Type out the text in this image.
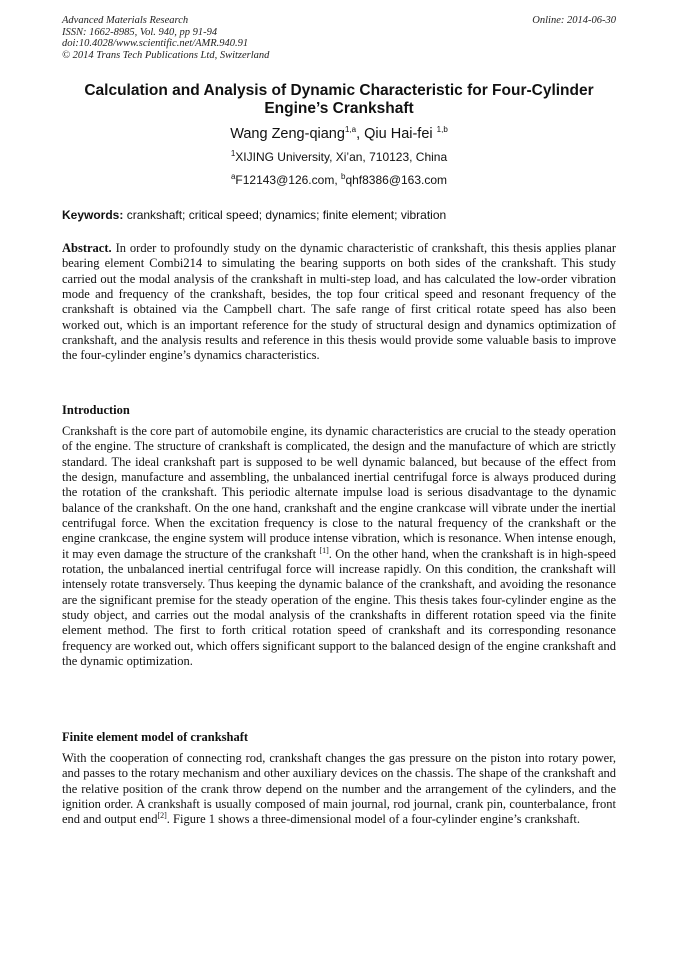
Advanced Materials Research
ISSN: 1662-8985, Vol. 940, pp 91-94
doi:10.4028/www.scientific.net/AMR.940.91
© 2014 Trans Tech Publications Ltd, Switzerland
Online: 2014-06-30
Calculation and Analysis of Dynamic Characteristic for Four-Cylinder Engine’s Crankshaft
Wang Zeng-qiang$^{1,a}$, Qiu Hai-fei $^{1,b}$
$^1$XIJING University, Xi’an, 710123, China
$^a$F12143@126.com, $^b$qhf8386@163.com
Keywords: crankshaft; critical speed; dynamics; finite element; vibration

Abstract. In order to profoundly study on the dynamic characteristic of crankshaft, this thesis applies planar bearing element Combi214 to simulating the bearing supports on both sides of the crankshaft. This study carried out the modal analysis of the crankshaft in multi-step load, and has calculated the low-order vibration mode and frequency of the crankshaft, besides, the top four critical speed and resonant frequency of the crankshaft is obtained via the Campbell chart. The safe range of first critical rotate speed has also been worked out, which is an important reference for the study of structural design and dynamics optimization of crankshaft, and the analysis results and reference in this thesis would provide some valuable basis to improve the four-cylinder engine’s dynamics characteristics.

Introduction

Crankshaft is the core part of automobile engine, its dynamic characteristics are crucial to the steady operation of the engine. The structure of crankshaft is complicated, the design and the manufacture of which are strictly standard. The ideal crankshaft part is supposed to be well dynamic balanced, but because of the effect from the design, manufacture and assembling, the unbalanced inertial centrifugal force is always produced during the rotation of the crankshaft. This periodic alternate impulse load is serious disadvantage to the dynamic balance of the crankshaft. On the one hand, crankshaft and the engine crankcase will vibrate under the inertial centrifugal force. When the excitation frequency is close to the natural frequency of the crankshaft or the engine crankcase, the engine system will produce intense vibration, which is resonance. When intense enough, it may even damage the structure of the crankshaft [1]. On the other hand, when the crankshaft is in high-speed rotation, the unbalanced inertial centrifugal force will increase rapidly. On this condition, the crankshaft will intensely rotate transversely. Thus keeping the dynamic balance of the crankshaft, and avoiding the resonance are the significant premise for the steady operation of the engine. This thesis takes four-cylinder engine as the study object, and carries out the modal analysis of the crankshafts in different rotation speed via the finite element method. The first to forth critical rotation speed of crankshaft and its corresponding resonance frequency are worked out, which offers significant support to the balanced design of the engine crankshaft and the dynamic optimization.

Finite element model of crankshaft

With the cooperation of connecting rod, crankshaft changes the gas pressure on the piston into rotary power, and passes to the rotary mechanism and other auxiliary devices on the chassis. The shape of the crankshaft and the relative position of the crank throw depend on the number and the arrangement of the cylinders, and the ignition order. A crankshaft is usually composed of main journal, rod journal, crank pin, counterbalance, front end and output end[2]. Figure 1 shows a three-dimensional model of a four-cylinder engine’s crankshaft.
